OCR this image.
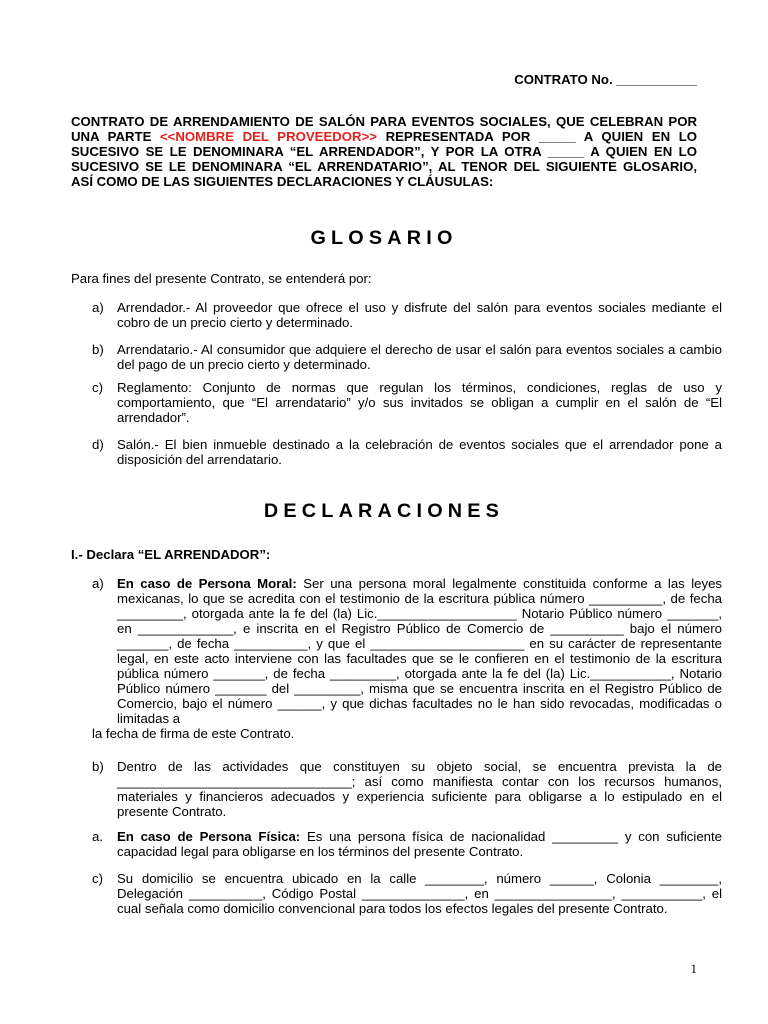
CONTRATO No. ___________

CONTRATO DE ARRENDAMIENTO DE SALÓN PARA EVENTOS SOCIALES, QUE CELEBRAN POR UNA PARTE <<NOMBRE DEL PROVEEDOR>> REPRESENTADA POR _____ A QUIEN EN LO SUCESIVO SE LE DENOMINARA “EL ARRENDADOR”, Y POR LA OTRA _____ A QUIEN EN LO SUCESIVO SE LE DENOMINARA “EL ARRENDATARIO”, AL TENOR DEL SIGUIENTE GLOSARIO, ASÍ COMO DE LAS SIGUIENTES DECLARACIONES Y CLÁUSULAS:

GLOSARIO

Para fines del presente Contrato, se entenderá por:

a) Arrendador.- Al proveedor que ofrece el uso y disfrute del salón para eventos sociales mediante el cobro de un precio cierto y determinado.

b) Arrendatario.- Al consumidor que adquiere el derecho de usar el salón para eventos sociales a cambio del pago de un precio cierto y determinado.

c) Reglamento: Conjunto de normas que regulan los términos, condiciones, reglas de uso y comportamiento, que “El arrendatario” y/o sus invitados se obligan a cumplir en el salón de “El arrendador”.

d) Salón.- El bien inmueble destinado a la celebración de eventos sociales que el arrendador pone a disposición del arrendatario.

DECLARACIONES

I.- Declara “EL ARRENDADOR”:

a) En caso de Persona Moral: Ser una persona moral legalmente constituida conforme a las leyes mexicanas, lo que se acredita con el testimonio de la escritura pública número __________, de fecha _________, otorgada ante la fe del (la) Lic.___________________ Notario Público número _______, en _____________, e inscrita en el Registro Público de Comercio de __________ bajo el número _______, de fecha __________, y que el _____________________ en su carácter de representante legal, en este acto interviene con las facultades que se le confieren en el testimonio de la escritura pública número _______, de fecha _________, otorgada ante la fe del (la) Lic.___________, Notario Público número _______ del _________, misma que se encuentra inscrita en el Registro Público de Comercio, bajo el número ______, y que dichas facultades no le han sido revocadas, modificadas o limitadas a
la fecha de firma de este Contrato.

b) Dentro de las actividades que constituyen su objeto social, se encuentra prevista la de ________________________________; así como manifiesta contar con los recursos humanos, materiales y financieros adecuados y experiencia suficiente para obligarse a lo estipulado en el presente Contrato.

a. En caso de Persona Física: Es una persona física de nacionalidad _________ y con suficiente capacidad legal para obligarse en los términos del presente Contrato.

c) Su domicilio se encuentra ubicado en la calle ________, número ______, Colonia ________, Delegación __________, Código Postal ______________, en ________________, ___________, el cual señala como domicilio convencional para todos los efectos legales del presente Contrato.

1
